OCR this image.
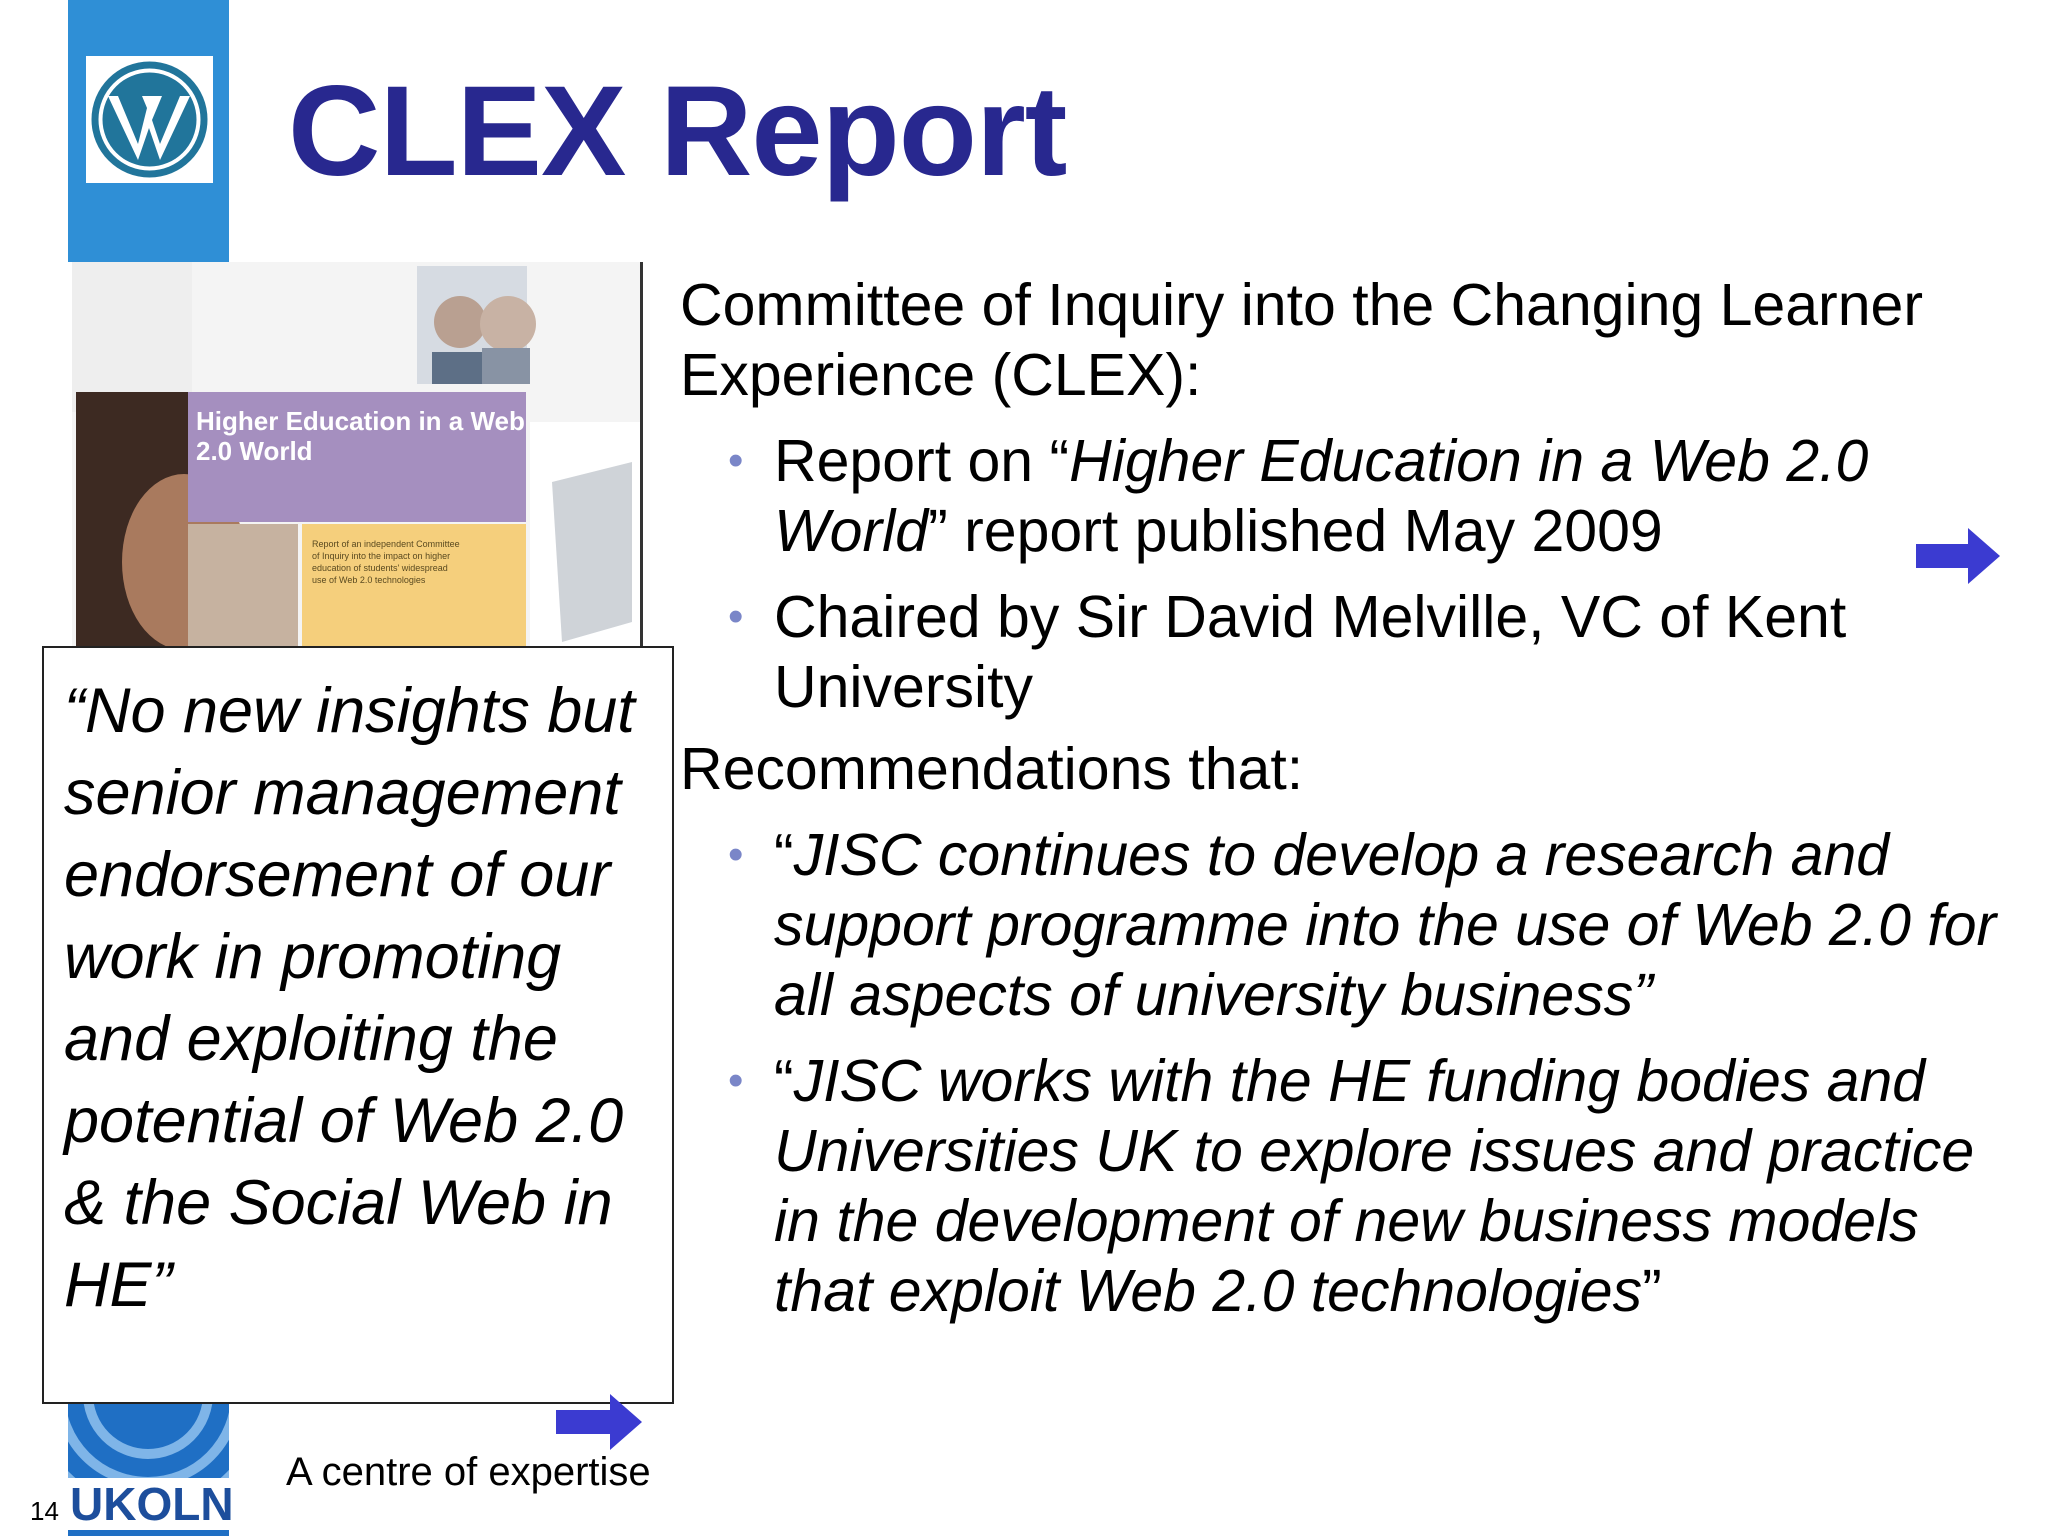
CLEX Report
Higher Education in a Web
2.0 World
Report of an independent Committee
of Inquiry into the impact on higher
education of students' widespread
use of Web 2.0 technologies

Committee of Inquiry into the Changing Learner Experience (CLEX):

• Report on “Higher Education in a Web 2.0 World” report published May 2009
• Chaired by Sir David Melville, VC of Kent University

Recommendations that:

• “JISC continues to develop a research and support programme into the use of Web 2.0 for all aspects of university business”
• “JISC works with the HE funding bodies and Universities UK to explore issues and practice in the development of new business models that exploit Web 2.0 technologies”
“No new insights but senior management endorsement of our work in promoting and exploiting the potential of Web 2.0 & the Social Web in HE”
UKOLN
14
A centre of expertise
